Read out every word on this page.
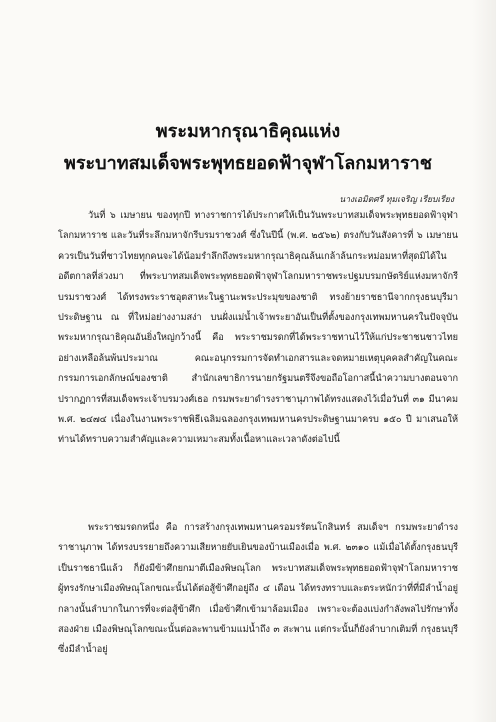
พระมหากรุณาธิคุณแห่ง
พระบาทสมเด็จพระพุทธยอดฟ้าจุฬาโลกมหาราช
นางเอมิตศรี ทุมเจริญ เรียบเรียง
วันที่ ๖ เมษายน ของทุกปี ทางราชการได้ประกาศให้เป็นวันพระบาทสมเด็จพระพุทธยอดฟ้าจุฬาโลกมหาราช และวันที่ระลึกมหาจักรีบรมราชวงศ์ ซึ่งในปีนี้ (พ.ศ. ๒๕๖๒) ตรงกับวันสังคารที่ ๖ เมษายน ควรเป็นวันที่ชาวไทยทุกคนจะได้น้อมรำลึกถึงพระมหากรุณาธิคุณล้นเกล้าล้นกระหม่อมหาที่สุดมิได้ในอดีตกาลที่ล่วงมา ที่พระบาทสมเด็จพระพุทธยอดฟ้าจุฬาโลกมหาราชพระปฐมบรมกษัตริย์แห่งมหาจักรีบรมราชวงศ์ ได้ทรงพระราชอุตสาหะในฐานะพระประมุขของชาติ ทรงย้ายราชธานีจากกรุงธนบุรีมาประดิษฐาน ณ ที่ใหม่อย่างงามสง่า บนฝั่งแม่น้ำเจ้าพระยาอันเป็นที่ตั้งของกรุงเทพมหานครในปัจจุบัน พระมหากรุณาธิคุณอันยิ่งใหญ่กว้างนี้ คือ พระราชมรดกที่ได้พระราชทานไว้ให้แก่ประชาชนชาวไทยอย่างเหลือล้นพ้นประมาณ คณะอนุกรรมการจัดทำเอกสารและจดหมายเหตุบุคคลสำคัญในคณะกรรมการเอกลักษณ์ของชาติ สำนักเลขาธิการนายกรัฐมนตรีจึงขอถือโอกาสนี้นำความบางตอนจากปรากฏการที่สมเด็จพระเจ้าบรมวงศ์เธอ กรมพระยาดำรงราชานุภาพได้ทรงแสดงไว้เมื่อวันที่ ๓๑ มีนาคม พ.ศ. ๒๔๗๔ เนื่องในงานพระราชพิธีเฉลิมฉลองกรุงเทพมหานครประดิษฐานมาครบ ๑๕๐ ปี มาเสนอให้ท่านได้ทราบความสำคัญและความเหมาะสมทั้งเนื้อหาและเวลาดังต่อไปนี้
พระราชมรดกหนึ่ง คือ การสร้างกรุงเทพมหานครอมรรัตนโกสินทร์ สมเด็จฯ กรมพระยาดำรงราชานุภาพ ได้ทรงบรรยายถึงความเสียหายยับเยินของบ้านเมืองเมื่อ พ.ศ. ๒๓๑๐ แม้เมื่อได้ตั้งกรุงธนบุรีเป็นราชธานีแล้ว ก็ยังมีข้าศึกยกมาตีเมืองพิษณุโลก พระบาทสมเด็จพระพุทธยอดฟ้าจุฬาโลกมหาราช ผู้ทรงรักษาเมืองพิษณุโลกขณะนั้นได้ต่อสู้ข้าศึกอยู่ถึง ๔ เดือน ได้ทรงทราบและตระหนักว่าที่ที่มีลำน้ำอยู่กลางนั้นลำบากในการที่จะต่อสู้ข้าศึก เมื่อข้าศึกเข้ามาล้อมเมือง เพราะจะต้องแบ่งกำลังพลไปรักษาทั้งสองฝ่าย เมืองพิษณุโลกขณะนั้นต่อละพานข้ามแม่น้ำถึง ๓ สะพาน แต่กระนั้นก็ยังลำบากเติมที่ กรุงธนบุรีซึ่งมีลำน้ำอยู่
